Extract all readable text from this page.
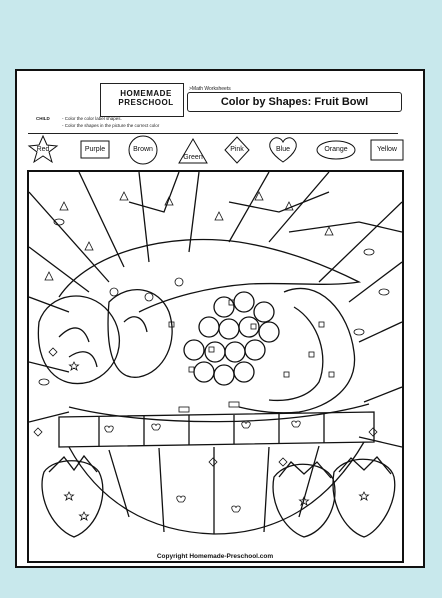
HOMEMADE PRESCHOOL
>Math Worksheets
Color by Shapes: Fruit Bowl
CHILD	- Color the color label shapes.
- Color the shapes in the picture the correct color
Red	Purple	Brown
Green
Pink	Blue	Orange	Yellow
Copyright Homemade-Preschool.com
